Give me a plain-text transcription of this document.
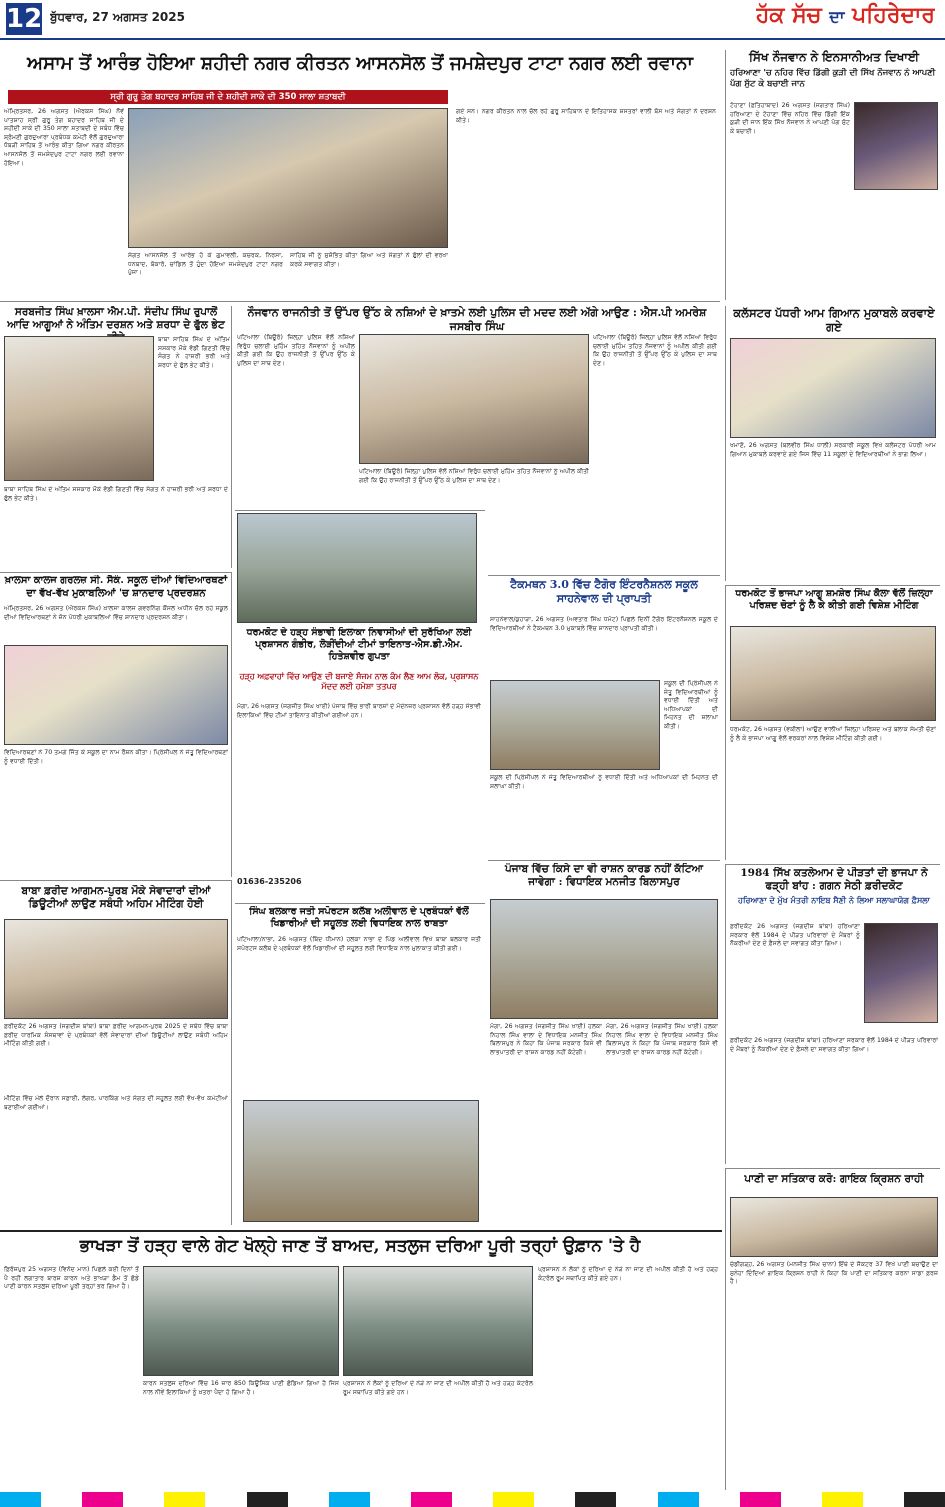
12 ਬੁੱਧਵਾਰ, 27 ਅਗਸਤ 2025	ਹੱਕ ਸੱਚ ਦਾ ਪਹਿਰੇਦਾਰ
ਅਸਾਮ ਤੋਂ ਆਰੰਭ ਹੋਇਆ ਸ਼ਹੀਦੀ ਨਗਰ ਕੀਰਤਨ ਆਸਨਸੋਲ ਤੋਂ ਜਮਸ਼ੇਦਪੁਰ ਟਾਟਾ ਨਗਰ ਲਈ ਰਵਾਨਾ
ਸ੍ਰੀ ਗੁਰੂ ਤੇਗ ਬਹਾਦਰ ਸਾਹਿਬ ਜੀ ਦੇ ਸ਼ਹੀਦੀ ਸਾਕੇ ਦੀ 350 ਸਾਲਾ ਸ਼ਤਾਬਦੀ
ਅੰਮ੍ਰਿਤਸਰ, 26 ਅਗਸਤ (ਐਰਕਸ ਸਿੰਘ) ਨੌਵੇਂ ਪਾਤਸ਼ਾਹ ਸ੍ਰੀ ਗੁਰੂ ਤੇਗ ਬਹਾਦਰ ਸਾਹਿਬ ਜੀ ਦੇ ਸ਼ਹੀਦੀ ਸਾਕੇ ਦੀ 350 ਸਾਲਾ ਸ਼ਤਾਬਦੀ ਦੇ ਸਬੰਧ ਵਿੱਚ ਸ਼੍ਰੋਮਣੀ ਗੁਰਦੁਆਰਾ ਪ੍ਰਬੰਧਕ ਕਮੇਟੀ ਵੱਲੋਂ ਗੁਰਦੁਆਰਾ ਧੋਬੜੀ ਸਾਹਿਬ ਤੋਂ ਆਰੰਭ ਕੀਤਾ ਗਿਆ ਨਗਰ ਕੀਰਤਨ ਆਸਨਸੋਲ ਤੋਂ ਜਮਸ਼ੇਦਪੁਰ ਟਾਟਾ ਨਗਰ ਲਈ ਰਵਾਨਾ ਹੋਇਆ।
ਸੰਗਤ ਆਸਨਸੋਲ ਤੋਂ ਆਰੰਭ ਹੋ ਕੇ ਗੁਮਾਵਲੀ, ਕਚਰਕ, ਨਿਰਸਾ, ਧਨਬਾਦ, ਬੋਕਾਰੋ, ਚਾਂਡਿਲ ਤੋਂ ਹੁੰਦਾ ਹੋਇਆ ਜਮਸ਼ੇਦਪੁਰ ਟਾਟਾ ਨਗਰ ਪੁੱਜਾ।
ਸਾਹਿਬ ਜੀ ਨੂੰ ਸੁਸ਼ੋਭਿਤ ਕੀਤਾ ਗਿਆ ਅਤੇ ਸੰਗਤਾਂ ਨੇ ਫੁੱਲਾਂ ਦੀ ਵਰਖਾ ਕਰਕੇ ਸਵਾਗਤ ਕੀਤਾ।
ਗਏ ਸਨ। ਨਗਰ ਕੀਰਤਨ ਨਾਲ ਚੱਲ ਰਹੇ ਗੁਰੂ ਸਾਹਿਬਾਨ ਦੇ ਇਤਿਹਾਸਕ ਸ਼ਸਤਰਾਂ ਵਾਲੀ ਬੱਸ ਅਤੇ ਸੰਗਤਾਂ ਨੇ ਦਰਸ਼ਨ ਕੀਤੇ।
ਸਿੱਖ ਨੌਜਵਾਨ ਨੇ ਇਨਸਾਨੀਅਤ ਦਿਖਾਈ
ਹਰਿਆਣਾ 'ਚ ਨਹਿਰ ਵਿੱਚ ਡਿੱਗੀ ਕੁੜੀ ਦੀ ਸਿੱਖ ਨੌਜਵਾਨ ਨੇ ਆਪਣੀ ਪੱਗ ਸੁੱਟ ਕੇ ਬਚਾਈ ਜਾਨ
ਟੋਹਾਣਾ (ਫ਼ਤਿਹਾਬਾਦ) 26 ਅਗਸਤ (ਜਗਤਾਰ ਸਿੰਘ) ਹਰਿਆਣਾ ਦੇ ਟੋਹਾਣਾ ਵਿੱਚ ਨਹਿਰ ਵਿੱਚ ਡਿੱਗੀ ਇੱਕ ਕੁੜੀ ਦੀ ਜਾਨ ਇੱਕ ਸਿੱਖ ਨੌਜਵਾਨ ਨੇ ਆਪਣੀ ਪੱਗ ਸੁੱਟ ਕੇ ਬਚਾਈ।
ਸਰਬਜੀਤ ਸਿੰਘ ਖ਼ਾਲਸਾ ਐਮ.ਪੀ. ਸੰਦੀਪ ਸਿੰਘ ਰੁਪਾਲੋਂ ਆਦਿ ਆਗੂਆਂ ਨੇ ਅੰਤਿਮ ਦਰਸ਼ਨ ਅਤੇ ਸ਼ਰਧਾ ਦੇ ਫੁੱਲ ਭੇਟ
ਬਾਬਾ ਸਾਹਿਬ ਸਿੰਘ ਦੇ ਅੰਤਿਮ ਸਸਕਾਰ ਮੌਕੇ ਵੱਡੀ ਗਿਣਤੀ ਵਿੱਚ ਸੰਗਤ ਨੇ ਹਾਜ਼ਰੀ ਭਰੀ ਅਤੇ ਸ਼ਰਧਾ ਦੇ ਫੁੱਲ ਭੇਟ ਕੀਤੇ।
ਬਾਬਾ ਸਾਹਿਬ ਸਿੰਘ ਦੇ ਅੰਤਿਮ ਸਸਕਾਰ ਮੌਕੇ ਵੱਡੀ ਗਿਣਤੀ ਵਿੱਚ ਸੰਗਤ ਨੇ ਹਾਜ਼ਰੀ ਭਰੀ ਅਤੇ ਸ਼ਰਧਾ ਦੇ ਫੁੱਲ ਭੇਟ ਕੀਤੇ।
ਨੌਜਵਾਨ ਰਾਜਨੀਤੀ ਤੋਂ ਉੱਪਰ ਉੱਠ ਕੇ ਨਸ਼ਿਆਂ ਦੇ ਖ਼ਾਤਮੇ ਲਈ ਪੁਲਿਸ ਦੀ ਮਦਦ ਲਈ ਅੱਗੇ ਆਉਣ : ਐਸ.ਪੀ ਅਮਰੇਸ਼ ਜਸਬੀਰ ਸਿੰਘ
ਪਟਿਆਲਾ (ਬਿਊਰੋ) ਜ਼ਿਲ੍ਹਾ ਪੁਲਿਸ ਵੱਲੋਂ ਨਸ਼ਿਆਂ ਵਿਰੁੱਧ ਚਲਾਈ ਮੁਹਿੰਮ ਤਹਿਤ ਨੌਜਵਾਨਾਂ ਨੂੰ ਅਪੀਲ ਕੀਤੀ ਗਈ ਕਿ ਉਹ ਰਾਜਨੀਤੀ ਤੋਂ ਉੱਪਰ ਉੱਠ ਕੇ ਪੁਲਿਸ ਦਾ ਸਾਥ ਦੇਣ।
ਪਟਿਆਲਾ (ਬਿਊਰੋ) ਜ਼ਿਲ੍ਹਾ ਪੁਲਿਸ ਵੱਲੋਂ ਨਸ਼ਿਆਂ ਵਿਰੁੱਧ ਚਲਾਈ ਮੁਹਿੰਮ ਤਹਿਤ ਨੌਜਵਾਨਾਂ ਨੂੰ ਅਪੀਲ ਕੀਤੀ ਗਈ ਕਿ ਉਹ ਰਾਜਨੀਤੀ ਤੋਂ ਉੱਪਰ ਉੱਠ ਕੇ ਪੁਲਿਸ ਦਾ ਸਾਥ ਦੇਣ।
ਪਟਿਆਲਾ (ਬਿਊਰੋ) ਜ਼ਿਲ੍ਹਾ ਪੁਲਿਸ ਵੱਲੋਂ ਨਸ਼ਿਆਂ ਵਿਰੁੱਧ ਚਲਾਈ ਮੁਹਿੰਮ ਤਹਿਤ ਨੌਜਵਾਨਾਂ ਨੂੰ ਅਪੀਲ ਕੀਤੀ ਗਈ ਕਿ ਉਹ ਰਾਜਨੀਤੀ ਤੋਂ ਉੱਪਰ ਉੱਠ ਕੇ ਪੁਲਿਸ ਦਾ ਸਾਥ ਦੇਣ।
ਕਲੱਸਟਰ ਪੱਧਰੀ ਆਮ ਗਿਆਨ ਮੁਕਾਬਲੇ ਕਰਵਾਏ ਗਏ
ਖਮਾਣੋਂ, 26 ਅਗਸਤ (ਬਲਵੀਰ ਸਿੰਘ ਧਾਲੀ) ਸਰਕਾਰੀ ਸਕੂਲ ਵਿਖੇ ਕਲੱਸਟਰ ਪੱਧਰੀ ਆਮ ਗਿਆਨ ਮੁਕਾਬਲੇ ਕਰਵਾਏ ਗਏ ਜਿਸ ਵਿੱਚ 11 ਸਕੂਲਾਂ ਦੇ ਵਿਦਿਆਰਥੀਆਂ ਨੇ ਭਾਗ ਲਿਆ।
ਖ਼ਾਲਸਾ ਕਾਲਜ ਗਰਲਜ਼ ਸੀ. ਸੈਕੰ. ਸਕੂਲ ਦੀਆਂ ਵਿਦਿਆਰਥਣਾਂ ਦਾ ਵੱਖ-ਵੱਖ ਮੁਕਾਬਲਿਆਂ 'ਚ ਸ਼ਾਨਦਾਰ ਪ੍ਰਦਰਸ਼ਨ
ਅੰਮ੍ਰਿਤਸਰ, 26 ਅਗਸਤ (ਐਰਕਸ ਸਿੰਘ) ਖ਼ਾਲਸਾ ਕਾਲਜ ਗਵਰਨਿੰਗ ਕੌਂਸਲ ਅਧੀਨ ਚੱਲ ਰਹੇ ਸਕੂਲ ਦੀਆਂ ਵਿਦਿਆਰਥਣਾਂ ਨੇ ਜ਼ੋਨ ਪੱਧਰੀ ਮੁਕਾਬਲਿਆਂ ਵਿੱਚ ਸ਼ਾਨਦਾਰ ਪ੍ਰਦਰਸ਼ਨ ਕੀਤਾ।
ਵਿਦਿਆਰਥਣਾਂ ਨੇ 70 ਤਮਗੇ ਜਿੱਤ ਕੇ ਸਕੂਲ ਦਾ ਨਾਮ ਰੌਸ਼ਨ ਕੀਤਾ। ਪ੍ਰਿੰਸੀਪਲ ਨੇ ਜੇਤੂ ਵਿਦਿਆਰਥਣਾਂ ਨੂੰ ਵਧਾਈ ਦਿੱਤੀ।
ਧਰਮਕੋਟ ਦੇ ਹੜ੍ਹ ਸੰਭਾਵੀ ਇਲਾਕਾ ਨਿਵਾਸੀਆਂ ਦੀ ਸੁਰੱਖਿਆ ਲਈ ਪ੍ਰਸ਼ਾਸਨ ਗੰਭੀਰ, ਲੋੜੀਂਦੀਆਂ ਟੀਮਾਂ ਤਾਇਨਾਤ-ਐਸ.ਡੀ.ਐਮ. ਹਿਤੇਸ਼ਵੀਰ ਗੁਪਤਾ
ਹੜ੍ਹ ਅਫ਼ਵਾਹਾਂ ਵਿੱਚ ਆਉਣ ਦੀ ਬਜਾਏ ਸੰਜਮ ਨਾਲ ਕੰਮ ਲੈਣ ਆਮ ਲੋਕ, ਪ੍ਰਸ਼ਾਸਨ ਮੱਦਦ ਲਈ ਹਮੇਸ਼ਾ ਤਤਪਰ
ਮੋਗਾ, 26 ਅਗਸਤ (ਜਗਜੀਤ ਸਿੰਘ ਖਾਈ) ਪੰਜਾਬ ਵਿੱਚ ਭਾਰੀ ਬਾਰਸ਼ਾਂ ਦੇ ਮੱਦੇਨਜ਼ਰ ਪ੍ਰਸ਼ਾਸਨ ਵੱਲੋਂ ਹੜ੍ਹ ਸੰਭਾਵੀ ਇਲਾਕਿਆਂ ਵਿੱਚ ਟੀਮਾਂ ਤਾਇਨਾਤ ਕੀਤੀਆਂ ਗਈਆਂ ਹਨ।
01636-235206
ਟੈਕਮਥਨ 3.0 ਵਿੱਚ ਟੈਗੋਰ ਇੰਟਰਨੈਸ਼ਨਲ ਸਕੂਲ ਸਾਹਨੇਵਾਲ ਦੀ ਪ੍ਰਾਪਤੀ
ਸਾਹਨੇਵਾਲ/ਕੁਹਾੜਾ, 26 ਅਗਸਤ (ਅਵਤਾਰ ਸਿੰਘ ਧਮੋਟ) ਪਿਛਲੇ ਦਿਨੀਂ ਟੈਗੋਰ ਇੰਟਰਨੈਸ਼ਨਲ ਸਕੂਲ ਦੇ ਵਿਦਿਆਰਥੀਆਂ ਨੇ ਟੈਕਮਥਨ 3.0 ਮੁਕਾਬਲੇ ਵਿੱਚ ਸ਼ਾਨਦਾਰ ਪ੍ਰਾਪਤੀ ਕੀਤੀ।
ਸਕੂਲ ਦੀ ਪ੍ਰਿੰਸੀਪਲ ਨੇ ਜੇਤੂ ਵਿਦਿਆਰਥੀਆਂ ਨੂੰ ਵਧਾਈ ਦਿੱਤੀ ਅਤੇ ਅਧਿਆਪਕਾਂ ਦੀ ਮਿਹਨਤ ਦੀ ਸ਼ਲਾਘਾ ਕੀਤੀ।
ਸਕੂਲ ਦੀ ਪ੍ਰਿੰਸੀਪਲ ਨੇ ਜੇਤੂ ਵਿਦਿਆਰਥੀਆਂ ਨੂੰ ਵਧਾਈ ਦਿੱਤੀ ਅਤੇ ਅਧਿਆਪਕਾਂ ਦੀ ਮਿਹਨਤ ਦੀ ਸ਼ਲਾਘਾ ਕੀਤੀ।
ਧਰਮਕੋਟ ਤੋਂ ਭਾਜਪਾ ਆਗੂ ਸ਼ਮਸ਼ੇਰ ਸਿੰਘ ਕੈਲਾ ਵੱਲੋਂ ਜ਼ਿਲ੍ਹਾ ਪਰਿਸ਼ਦ ਚੋਣਾਂ ਨੂੰ ਲੈ ਕੇ ਕੀਤੀ ਗਈ ਵਿਸ਼ੇਸ਼ ਮੀਟਿੰਗ
ਧਰਮਕੋਟ, 26 ਅਗਸਤ (ਵਕੀਲਾ) ਆਉਣ ਵਾਲੀਆਂ ਜ਼ਿਲ੍ਹਾ ਪਰਿਸ਼ਦ ਅਤੇ ਬਲਾਕ ਸੰਮਤੀ ਚੋਣਾਂ ਨੂੰ ਲੈ ਕੇ ਭਾਜਪਾ ਆਗੂ ਵੱਲੋਂ ਵਰਕਰਾਂ ਨਾਲ ਵਿਸ਼ੇਸ਼ ਮੀਟਿੰਗ ਕੀਤੀ ਗਈ।
ਪੰਜਾਬ ਵਿੱਚ ਕਿਸੇ ਦਾ ਵੀ ਰਾਸ਼ਨ ਕਾਰਡ ਨਹੀਂ ਕੱਟਿਆ ਜਾਵੇਗਾ : ਵਿਧਾਇਕ ਮਨਜੀਤ ਬਿਲਾਸਪੁਰ
ਮੋਗਾ, 26 ਅਗਸਤ (ਜਗਜੀਤ ਸਿੰਘ ਖਾਈ) ਹਲਕਾ ਨਿਹਾਲ ਸਿੰਘ ਵਾਲਾ ਦੇ ਵਿਧਾਇਕ ਮਨਜੀਤ ਸਿੰਘ ਬਿਲਾਸਪੁਰ ਨੇ ਕਿਹਾ ਕਿ ਪੰਜਾਬ ਸਰਕਾਰ ਕਿਸੇ ਵੀ ਲਾਭਪਾਤਰੀ ਦਾ ਰਾਸ਼ਨ ਕਾਰਡ ਨਹੀਂ ਕੱਟੇਗੀ।
ਮੋਗਾ, 26 ਅਗਸਤ (ਜਗਜੀਤ ਸਿੰਘ ਖਾਈ) ਹਲਕਾ ਨਿਹਾਲ ਸਿੰਘ ਵਾਲਾ ਦੇ ਵਿਧਾਇਕ ਮਨਜੀਤ ਸਿੰਘ ਬਿਲਾਸਪੁਰ ਨੇ ਕਿਹਾ ਕਿ ਪੰਜਾਬ ਸਰਕਾਰ ਕਿਸੇ ਵੀ ਲਾਭਪਾਤਰੀ ਦਾ ਰਾਸ਼ਨ ਕਾਰਡ ਨਹੀਂ ਕੱਟੇਗੀ।
1984 ਸਿੱਖ ਕਤਲੇਆਮ ਦੇ ਪੀੜਤਾਂ ਦੀ ਭਾਜਪਾ ਨੇ ਫੜ੍ਹੀ ਬਾਂਹ : ਗਗਨ ਸੇਠੀ ਫ਼ਰੀਦਕੋਟ
ਹਰਿਆਣਾ ਦੇ ਮੁੱਖ ਮੰਤਰੀ ਨਾਇਬ ਸੈਣੀ ਨੇ ਲਿਆ ਸਲਾਘਾਯੋਗ ਫ਼ੈਸਲਾ
ਫ਼ਰੀਦਕੋਟ 26 ਅਗਸਤ (ਜਗਦੀਸ਼ ਬਾਂਬਾ) ਹਰਿਆਣਾ ਸਰਕਾਰ ਵੱਲੋਂ 1984 ਦੇ ਪੀੜਤ ਪਰਿਵਾਰਾਂ ਦੇ ਮੈਂਬਰਾਂ ਨੂੰ ਨੌਕਰੀਆਂ ਦੇਣ ਦੇ ਫ਼ੈਸਲੇ ਦਾ ਸਵਾਗਤ ਕੀਤਾ ਗਿਆ।
ਫ਼ਰੀਦਕੋਟ 26 ਅਗਸਤ (ਜਗਦੀਸ਼ ਬਾਂਬਾ) ਹਰਿਆਣਾ ਸਰਕਾਰ ਵੱਲੋਂ 1984 ਦੇ ਪੀੜਤ ਪਰਿਵਾਰਾਂ ਦੇ ਮੈਂਬਰਾਂ ਨੂੰ ਨੌਕਰੀਆਂ ਦੇਣ ਦੇ ਫ਼ੈਸਲੇ ਦਾ ਸਵਾਗਤ ਕੀਤਾ ਗਿਆ।
ਬਾਬਾ ਫ਼ਰੀਦ ਆਗਮਨ-ਪੁਰਬ ਮੌਕੇ ਸੇਵਾਦਾਰਾਂ ਦੀਆਂ ਡਿਊਟੀਆਂ ਲਾਉਣ ਸਬੰਧੀ ਅਹਿਮ ਮੀਟਿੰਗ ਹੋਈ
ਫ਼ਰੀਦਕੋਟ 26 ਅਗਸਤ (ਜਗਦੀਸ਼ ਬਾਂਬਾ) ਬਾਬਾ ਫ਼ਰੀਦ ਆਗਮਨ-ਪੁਰਬ 2025 ਦੇ ਸਬੰਧ ਵਿੱਚ ਬਾਬਾ ਫ਼ਰੀਦ ਧਾਰਮਿਕ ਸੰਸਥਾਵਾਂ ਦੇ ਪ੍ਰਬੰਧਕਾਂ ਵੱਲੋਂ ਸੇਵਾਦਾਰਾਂ ਦੀਆਂ ਡਿਊਟੀਆਂ ਲਾਉਣ ਸਬੰਧੀ ਅਹਿਮ ਮੀਟਿੰਗ ਕੀਤੀ ਗਈ।
ਮੀਟਿੰਗ ਵਿੱਚ ਮੇਲੇ ਦੌਰਾਨ ਸਫ਼ਾਈ, ਲੰਗਰ, ਪਾਰਕਿੰਗ ਅਤੇ ਸੰਗਤ ਦੀ ਸਹੂਲਤ ਲਈ ਵੱਖ-ਵੱਖ ਕਮੇਟੀਆਂ ਬਣਾਈਆਂ ਗਈਆਂ।
ਸਿੰਘ ਬਲਕਾਰ ਜਤੀ ਸਪੋਰਟਸ ਕਲੱਬ ਅਲੀਵਾਲ ਦੇ ਪ੍ਰਬੰਧਕਾਂ ਵੱਲੋਂ ਖਿਡਾਰੀਆਂ ਦੀ ਸਹੂਲਤ ਲਈ ਵਿਧਾਇਕ ਨਾਲ ਰਾਬਤਾ
ਪਟਿਆਲਾ/ਨਾਭਾ, 26 ਅਗਸਤ (ਬਿੰਦ ਧੀਮਾਨ) ਹਲਕਾ ਨਾਭਾ ਦੇ ਪਿੰਡ ਅਲੀਵਾਲ ਵਿਖੇ ਬਾਬਾ ਬਲਕਾਰ ਜਤੀ ਸਪੋਰਟਸ ਕਲੱਬ ਦੇ ਪ੍ਰਬੰਧਕਾਂ ਵੱਲੋਂ ਖਿਡਾਰੀਆਂ ਦੀ ਸਹੂਲਤ ਲਈ ਵਿਧਾਇਕ ਨਾਲ ਮੁਲਾਕਾਤ ਕੀਤੀ ਗਈ।
ਪਾਣੀ ਦਾ ਸਤਿਕਾਰ ਕਰੋ: ਗਾਇਕ ਕ੍ਰਿਸ਼ਨ ਰਾਹੀ
ਚੰਡੀਗੜ੍ਹ, 26 ਅਗਸਤ (ਮਨਜੀਤ ਸਿੰਘ ਚਾਨਾ) ਇੱਥੇ ਦੇ ਸੈਕਟਰ 37 ਵਿਖੇ ਪਾਣੀ ਬਚਾਉਣ ਦਾ ਸੁਨੇਹਾ ਦਿੰਦਿਆਂ ਗਾਇਕ ਕ੍ਰਿਸ਼ਨ ਰਾਹੀ ਨੇ ਕਿਹਾ ਕਿ ਪਾਣੀ ਦਾ ਸਤਿਕਾਰ ਕਰਨਾ ਸਾਡਾ ਫ਼ਰਜ਼ ਹੈ।
ਭਾਖੜਾ ਤੋਂ ਹੜ੍ਹ ਵਾਲੇ ਗੇਟ ਖੋਲ੍ਹੇ ਜਾਣ ਤੋਂ ਬਾਅਦ, ਸਤਲੁਜ ਦਰਿਆ ਪੂਰੀ ਤਰ੍ਹਾਂ ਉਫ਼ਾਨ 'ਤੇ ਹੈ
ਫ਼ਿਰੋਜ਼ਪੁਰ 25 ਅਗਸਤ (ਵਿਨੋਦ ਮਾਨ) ਪਿਛਲੇ ਕਈ ਦਿਨਾਂ ਤੋਂ ਪੈ ਰਹੀ ਲਗਾਤਾਰ ਬਾਰਸ਼ ਕਾਰਨ ਅਤੇ ਭਾਖੜਾ ਡੈਮ ਤੋਂ ਛੱਡੇ ਪਾਣੀ ਕਾਰਨ ਸਤਲੁਜ ਦਰਿਆ ਪੂਰੀ ਤਰ੍ਹਾਂ ਭਰ ਗਿਆ ਹੈ।
ਕਾਰਨ ਸਤਲੁਜ ਦਰਿਆ ਵਿੱਚ 16 ਜ਼ਾਰ 850 ਕਿਊਸਿਕ ਪਾਣੀ ਛੱਡਿਆ ਗਿਆ ਹੈ ਜਿਸ ਨਾਲ ਨੀਵੇਂ ਇਲਾਕਿਆਂ ਨੂੰ ਖ਼ਤਰਾ ਪੈਦਾ ਹੋ ਗਿਆ ਹੈ।
ਪ੍ਰਸ਼ਾਸਨ ਨੇ ਲੋਕਾਂ ਨੂੰ ਦਰਿਆ ਦੇ ਨੇੜੇ ਨਾ ਜਾਣ ਦੀ ਅਪੀਲ ਕੀਤੀ ਹੈ ਅਤੇ ਹੜ੍ਹ ਕੰਟਰੋਲ ਰੂਮ ਸਥਾਪਿਤ ਕੀਤੇ ਗਏ ਹਨ।
ਪ੍ਰਸ਼ਾਸਨ ਨੇ ਲੋਕਾਂ ਨੂੰ ਦਰਿਆ ਦੇ ਨੇੜੇ ਨਾ ਜਾਣ ਦੀ ਅਪੀਲ ਕੀਤੀ ਹੈ ਅਤੇ ਹੜ੍ਹ ਕੰਟਰੋਲ ਰੂਮ ਸਥਾਪਿਤ ਕੀਤੇ ਗਏ ਹਨ।
